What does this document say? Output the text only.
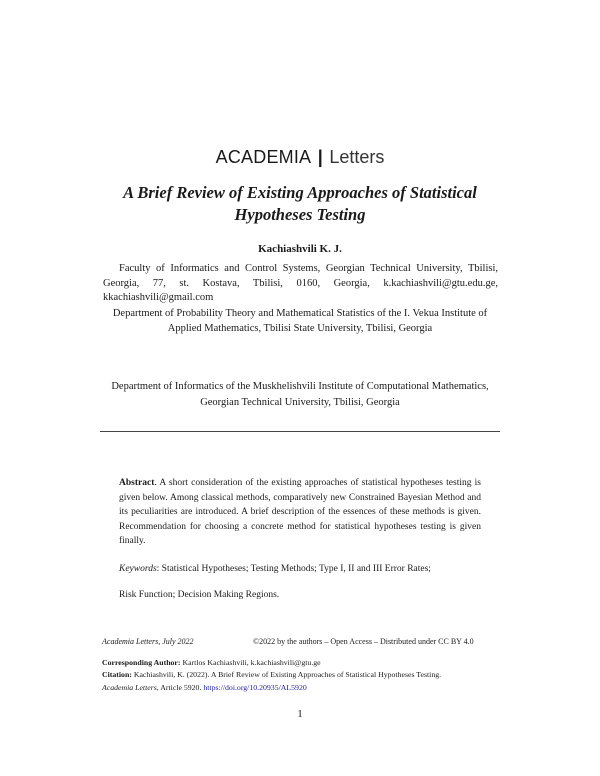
ACADEMIA | Letters
A Brief Review of Existing Approaches of Statistical Hypotheses Testing
Kachiashvili K. J.
Faculty of Informatics and Control Systems, Georgian Technical University, Tbilisi,
Georgia, 77, st. Kostava, Tbilisi, 0160, Georgia, k.kachiashvili@gtu.edu.ge,
kkachiashvili@gmail.com
Department of Probability Theory and Mathematical Statistics of the I. Vekua Institute of Applied Mathematics, Tbilisi State University, Tbilisi, Georgia
Department of Informatics of the Muskhelishvili Institute of Computational Mathematics, Georgian Technical University, Tbilisi, Georgia
Abstract. A short consideration of the existing approaches of statistical hypotheses testing is given below. Among classical methods, comparatively new Constrained Bayesian Method and its peculiarities are introduced. A brief description of the essences of these methods is given. Recommendation for choosing a concrete method for statistical hypotheses testing is given finally.
Keywords: Statistical Hypotheses; Testing Methods; Type I, II and III Error Rates;
Risk Function; Decision Making Regions.
Academia Letters, July 2022	©2022 by the authors – Open Access – Distributed under CC BY 4.0
Corresponding Author: Kartlos Kachiashvili, k.kachiashvili@gtu.ge
Citation: Kachiashvili, K. (2022). A Brief Review of Existing Approaches of Statistical Hypotheses Testing.
Academia Letters, Article 5920. https://doi.org/10.20935/AL5920
1
